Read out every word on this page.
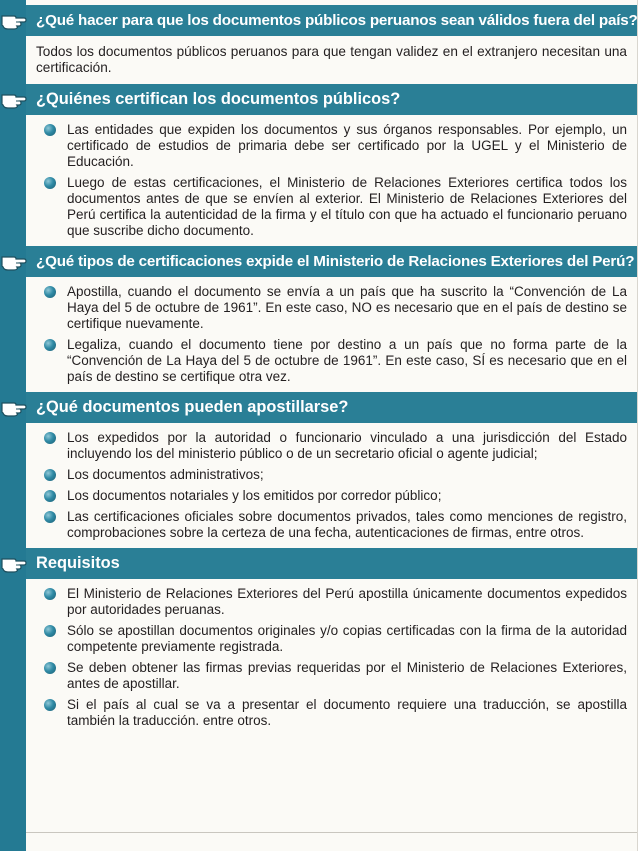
¿Qué hacer para que los documentos públicos peruanos sean válidos fuera del país?
Todos los documentos públicos peruanos para que tengan validez en el extranjero necesitan una certificación.
¿Quiénes certifican los documentos públicos?
Las entidades que expiden los documentos y sus órganos responsables. Por ejemplo, un certificado de estudios de primaria debe ser certificado por la UGEL y el Ministerio de Educación.
Luego de estas certificaciones, el Ministerio de Relaciones Exteriores certifica todos los documentos antes de que se envíen al exterior. El Ministerio de Relaciones Exteriores del Perú certifica la autenticidad de la firma y el título con que ha actuado el funcionario peruano que suscribe dicho documento.
¿Qué tipos de certificaciones expide el Ministerio de Relaciones Exteriores del Perú?
Apostilla, cuando el documento se envía a un país que ha suscrito la “Convención de La Haya del 5 de octubre de 1961”. En este caso, NO es necesario que en el país de destino se certifique nuevamente.
Legaliza, cuando el documento tiene por destino a un país que no forma parte de la “Convención de La Haya del 5 de octubre de 1961”. En este caso, SÍ es necesario que en el país de destino se certifique otra vez.
¿Qué documentos pueden apostillarse?
Los expedidos por la autoridad o funcionario vinculado a una jurisdicción del Estado incluyendo los del ministerio público o de un secretario oficial o agente judicial;
Los documentos administrativos;
Los documentos notariales y los emitidos por corredor público;
Las certificaciones oficiales sobre documentos privados, tales como menciones de registro, comprobaciones sobre la certeza de una fecha, autenticaciones de firmas, entre otros.
Requisitos
El Ministerio de Relaciones Exteriores del Perú apostilla únicamente documentos expedidos por autoridades peruanas.
Sólo se apostillan documentos originales y/o copias certificadas con la firma de la autoridad competente previamente registrada.
Se deben obtener las firmas previas requeridas por el Ministerio de Relaciones Exteriores, antes de apostillar.
Si el país al cual se va a presentar el documento requiere una traducción, se apostilla también la traducción. entre otros.
